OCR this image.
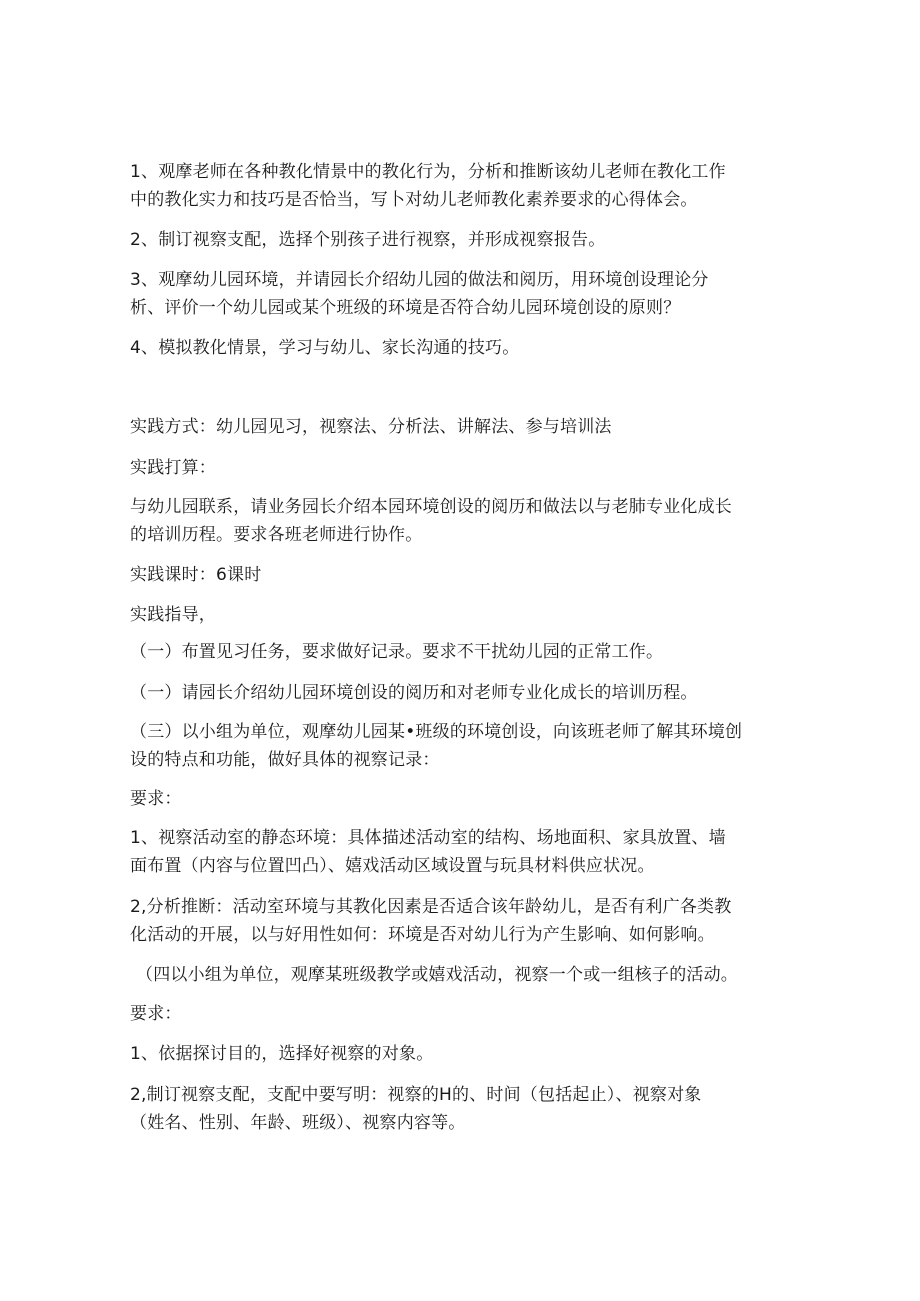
1、观摩老师在各种教化情景中的教化行为，分析和推断该幼儿老师在教化工作
中的教化实力和技巧是否恰当，写卜对幼儿老师教化素养要求的心得体会。

2、制订视察支配，选择个别孩子进行视察，并形成视察报告。

3、观摩幼儿园环境，并请园长介绍幼儿园的做法和阅历，用环境创设理论分
析、评价一个幼儿园或某个班级的环境是否符合幼儿园环境创设的原则？

4、模拟教化情景，学习与幼儿、家长沟通的技巧。

实践方式：幼儿园见习，视察法、分析法、讲解法、参与培训法

实践打算：

与幼儿园联系，请业务园长介绍本园环境创设的阅历和做法以与老肺专业化成长
的培训历程。要求各班老师进行协作。

实践课时：6课时

实践指导，

（一）布置见习任务，要求做好记录。要求不干扰幼儿园的正常工作。

（一）请园长介绍幼儿园环境创设的阅历和对老师专业化成长的培训历程。

（三）以小组为单位，观摩幼儿园某•班级的环境创设，向该班老师了解其环境创
设的特点和功能，做好具体的视察记录：

要求：

1、视察活动室的静态环境：具体描述活动室的结构、场地面积、家具放置、墙
面布置（内容与位置凹凸）、嬉戏活动区域设置与玩具材料供应状况。

2,分析推断：活动室环境与其教化因素是否适合该年龄幼儿，是否有利广各类教
化活动的开展，以与好用性如何：环境是否对幼儿行为产生影响、如何影响。

（四以小组为单位，观摩某班级教学或嬉戏活动，视察一个或一组核子的活动。

要求：

1、依据探讨目的，选择好视察的对象。

2,制订视察支配，支配中要写明：视察的H的、时间（包括起止）、视察对象
（姓名、性别、年龄、班级）、视察内容等。
